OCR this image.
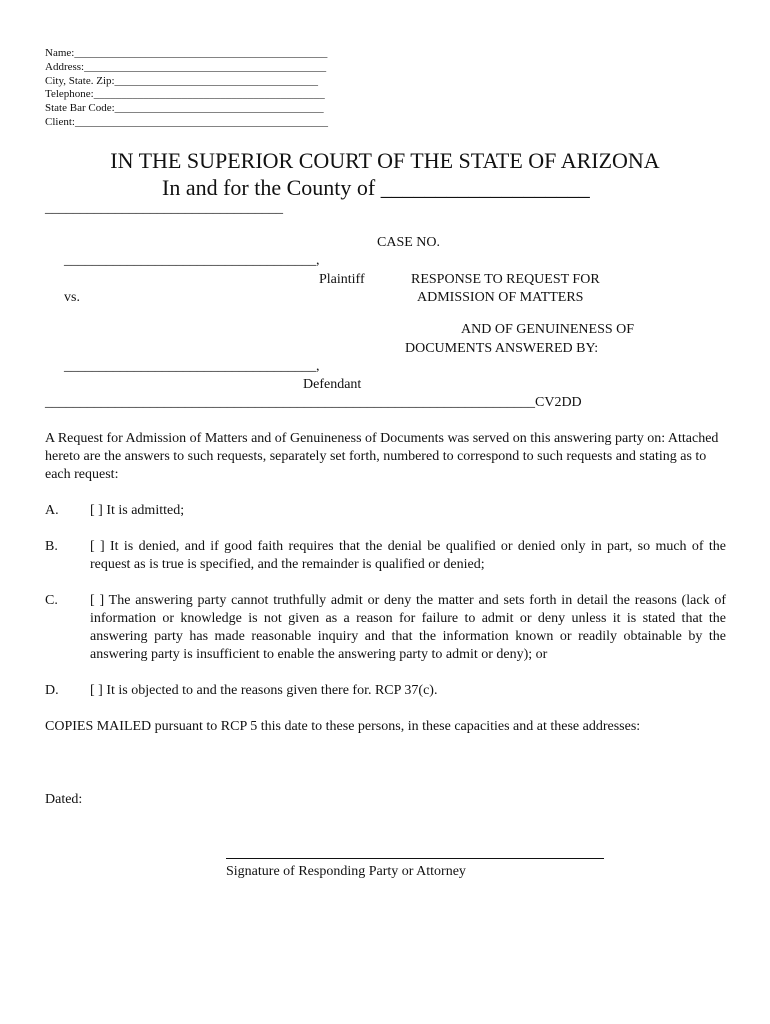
Name:______________________________________________
Address:____________________________________________
City, State. Zip:_____________________________________
Telephone:__________________________________________
State Bar Code:______________________________________
Client:______________________________________________
IN THE SUPERIOR COURT OF THE STATE OF ARIZONA
In and for the County of ___________________
__________________________________
CASE NO.
____________________________________,
Plaintiff
vs.
RESPONSE TO REQUEST FOR
ADMISSION OF MATTERS
AND OF GENUINENESS OF
DOCUMENTS ANSWERED BY:
____________________________________,
Defendant
______________________________________________________________________CV2DD
A Request for Admission of Matters and of Genuineness of Documents was served on this answering party on: Attached hereto are the answers to such requests, separately set forth, numbered to correspond to such requests and stating as to each request:
A. [ ] It is admitted;
B. [ ] It is denied, and if good faith requires that the denial be qualified or denied only in part, so much of the request as is true is specified, and the remainder is qualified or denied;
C. [ ] The answering party cannot truthfully admit or deny the matter and sets forth in detail the reasons (lack of information or knowledge is not given as a reason for failure to admit or deny unless it is stated that the answering party has made reasonable inquiry and that the information known or readily obtainable by the answering party is insufficient to enable the answering party to admit or deny); or
D. [ ] It is objected to and the reasons given there for. RCP 37(c).
COPIES MAILED pursuant to RCP 5 this date to these persons, in these capacities and at these addresses:
Dated:
Signature of Responding Party or Attorney
